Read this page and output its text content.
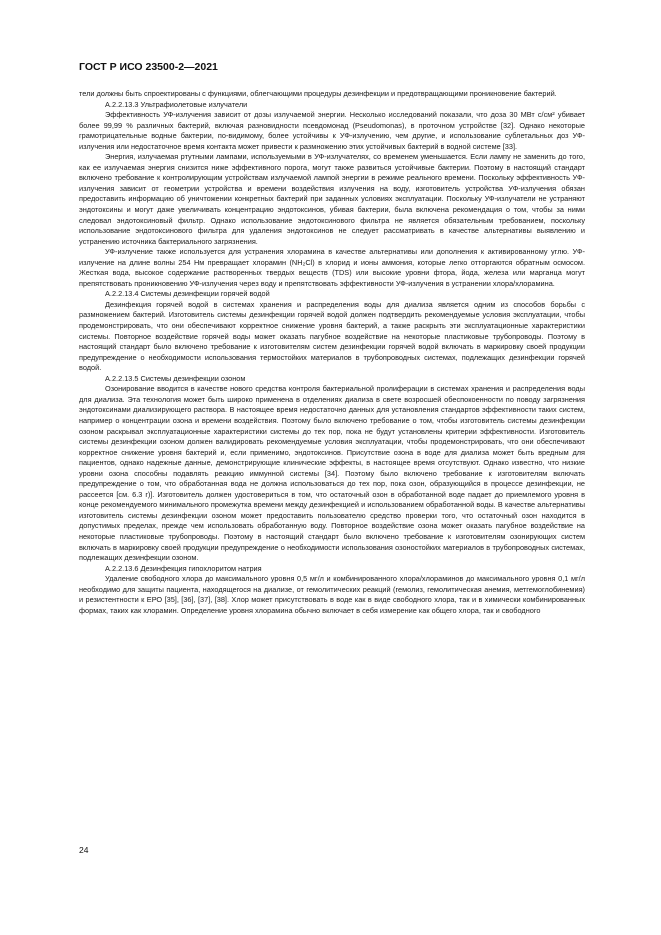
ГОСТ Р ИСО 23500-2—2021

тели должны быть спроектированы с функциями, облегчающими процедуры дезинфекции и предотвращающими проникновение бактерий.

А.2.2.13.3 Ультрафиолетовые излучатели

Эффективность УФ-излучения зависит от дозы излучаемой энергии. Несколько исследований показали, что доза 30 МВт с/см² убивает более 99,99 % различных бактерий, включая разновидности псевдомонад (Pseudomonas), в проточном устройстве [32]. Однако некоторые грамотрицательные водные бактерии, по-видимому, более устойчивы к УФ-излучению, чем другие, и использование сублетальных доз УФ-излучения или недостаточное время контакта может привести к размножению этих устойчивых бактерий в водной системе [33].

Энергия, излучаемая ртутными лампами, используемыми в УФ-излучателях, со временем уменьшается. Если лампу не заменить до того, как ее излучаемая энергия снизится ниже эффективного порога, могут также развиться устойчивые бактерии. Поэтому в настоящий стандарт включено требование к контролирующим устройствам излучаемой лампой энергии в режиме реального времени. Поскольку эффективность УФ-излучения зависит от геометрии устройства и времени воздействия излучения на воду, изготовитель устройства УФ-излучения обязан предоставить информацию об уничтожении конкретных бактерий при заданных условиях эксплуатации. Поскольку УФ-излучатели не устраняют эндотоксины и могут даже увеличивать концентрацию эндотоксинов, убивая бактерии, была включена рекомендация о том, чтобы за ними следовал эндотоксиновый фильтр. Однако использование эндотоксинового фильтра не является обязательным требованием, поскольку использование эндотоксинового фильтра для удаления эндотоксинов не следует рассматривать в качестве альтернативы выявлению и устранению источника бактериального загрязнения.

УФ-излучение также используется для устранения хлорамина в качестве альтернативы или дополнения к активированному углю. УФ-излучение на длине волны 254 Нм превращает хлорамин (NH₂Cl) в хлорид и ионы аммония, которые легко отторгаются обратным осмосом. Жесткая вода, высокое содержание растворенных твердых веществ (TDS) или высокие уровни фтора, йода, железа или марганца могут препятствовать проникновению УФ-излучения через воду и препятствовать эффективности УФ-излучения в устранении хлора/хлорамина.

А.2.2.13.4 Системы дезинфекции горячей водой

Дезинфекция горячей водой в системах хранения и распределения воды для диализа является одним из способов борьбы с размножением бактерий. Изготовитель системы дезинфекции горячей водой должен подтвердить рекомендуемые условия эксплуатации, чтобы продемонстрировать, что они обеспечивают корректное снижение уровня бактерий, а также раскрыть эти эксплуатационные характеристики системы. Повторное воздействие горячей воды может оказать пагубное воздействие на некоторые пластиковые трубопроводы. Поэтому в настоящий стандарт было включено требование к изготовителям систем дезинфекции горячей водой включать в маркировку своей продукции предупреждение о необходимости использования термостойких материалов в трубопроводных системах, подлежащих дезинфекции горячей водой.

А.2.2.13.5 Системы дезинфекции озоном

Озонирование вводится в качестве нового средства контроля бактериальной пролиферации в системах хранения и распределения воды для диализа. Эта технология может быть широко применена в отделениях диализа в свете возросшей обеспокоенности по поводу загрязнения эндотоксинами диализирующего раствора. В настоящее время недостаточно данных для установления стандартов эффективности таких систем, например о концентрации озона и времени воздействия. Поэтому было включено требование о том, чтобы изготовитель системы дезинфекции озоном раскрывал эксплуатационные характеристики системы до тех пор, пока не будут установлены критерии эффективности. Изготовитель системы дезинфекции озоном должен валидировать рекомендуемые условия эксплуатации, чтобы продемонстрировать, что они обеспечивают корректное снижение уровня бактерий и, если применимо, эндотоксинов. Присутствие озона в воде для диализа может быть вредным для пациентов, однако надежные данные, демонстрирующие клинические эффекты, в настоящее время отсутствуют. Однако известно, что низкие уровни озона способны подавлять реакцию иммунной системы [34]. Поэтому было включено требование к изготовителям включать предупреждение о том, что обработанная вода не должна использоваться до тех пор, пока озон, образующийся в процессе дезинфекции, не рассеется [см. 6.3 r)]. Изготовитель должен удостовериться в том, что остаточный озон в обработанной воде падает до приемлемого уровня в конце рекомендуемого минимального промежутка времени между дезинфекцией и использованием обработанной воды. В качестве альтернативы изготовитель системы дезинфекции озоном может предоставить пользователю средство проверки того, что остаточный озон находится в допустимых пределах, прежде чем использовать обработанную воду. Повторное воздействие озона может оказать пагубное воздействие на некоторые пластиковые трубопроводы. Поэтому в настоящий стандарт было включено требование к изготовителям озонирующих систем включать в маркировку своей продукции предупреждение о необходимости использования озоностойких материалов в трубопроводных системах, подлежащих дезинфекции озоном.

А.2.2.13.6 Дезинфекция гипохлоритом натрия

Удаление свободного хлора до максимального уровня 0,5 мг/л и комбинированного хлора/хлораминов до максимального уровня 0,1 мг/л необходимо для защиты пациента, находящегося на диализе, от гемолитических реакций (гемолиз, гемолитическая анемия, метгемоглобинемия) и резистентности к ЕРО [35], [36], [37], [38]. Хлор может присутствовать в воде как в виде свободного хлора, так и в химически комбинированных формах, таких как хлорамин. Определение уровня хлорамина обычно включает в себя измерение как общего хлора, так и свободного

24
